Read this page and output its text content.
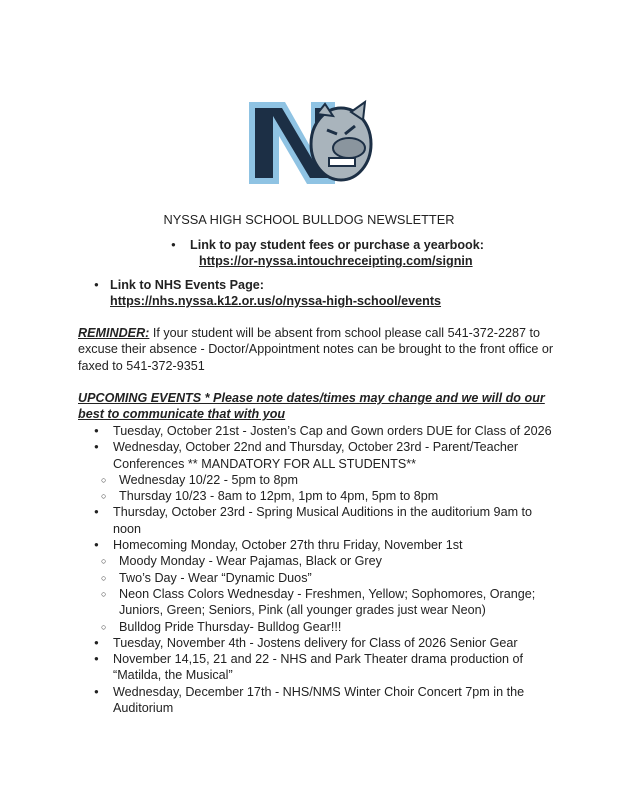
NYSSA HIGH SCHOOL BULLDOG NEWSLETTER
● Link to pay student fees or purchase a yearbook:
https://or-nyssa.intouchreceipting.com/signin
● Link to NHS Events Page:
https://nhs.nyssa.k12.or.us/o/nyssa-high-school/events
REMINDER: If your student will be absent from school please call 541-372-2287 to excuse their absence - Doctor/Appointment notes can be brought to the front office or faxed to 541-372-9351
UPCOMING EVENTS * Please note dates/times may change and we will do our best to communicate that with you
● Tuesday, October 21st - Josten’s Cap and Gown orders DUE for Class of 2026
● Wednesday, October 22nd and Thursday, October 23rd - Parent/Teacher Conferences ** MANDATORY FOR ALL STUDENTS**
○ Wednesday 10/22 - 5pm to 8pm
○ Thursday 10/23 - 8am to 12pm, 1pm to 4pm, 5pm to 8pm
● Thursday, October 23rd - Spring Musical Auditions in the auditorium 9am to noon
● Homecoming Monday, October 27th thru Friday, November 1st
○ Moody Monday - Wear Pajamas, Black or Grey
○ Two’s Day - Wear “Dynamic Duos”
○ Neon Class Colors Wednesday - Freshmen, Yellow; Sophomores, Orange; Juniors, Green; Seniors, Pink (all younger grades just wear Neon)
○ Bulldog Pride Thursday- Bulldog Gear!!!
● Tuesday, November 4th - Jostens delivery for Class of 2026 Senior Gear
● November 14,15, 21 and 22 - NHS and Park Theater drama production of “Matilda, the Musical”
● Wednesday, December 17th - NHS/NMS Winter Choir Concert 7pm in the Auditorium
